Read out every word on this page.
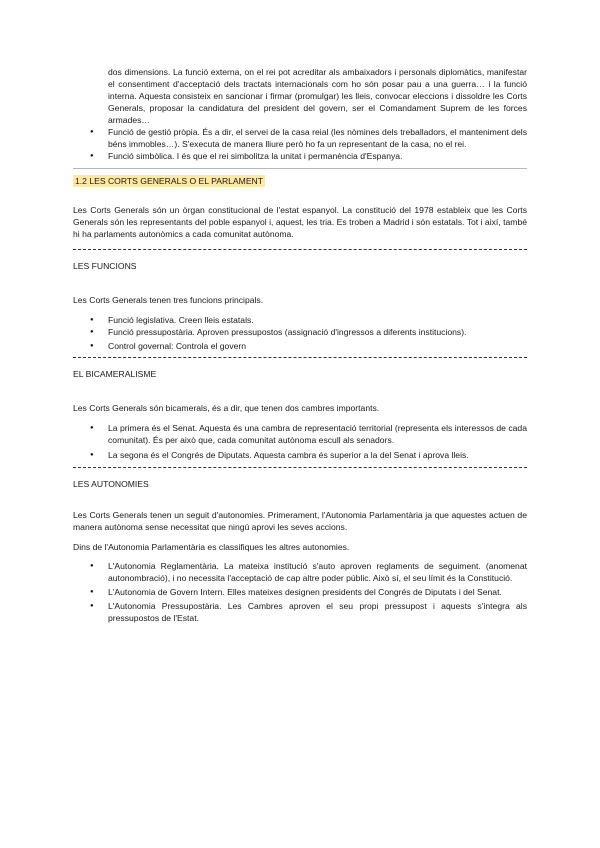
dos dimensions. La funció externa, on el rei pot acreditar als ambaixadors i personals diplomàtics, manifestar el consentiment d'acceptació dels tractats internacionals com ho són posar pau a una guerra… i la funció interna. Aquesta consisteix en sancionar i firmar (promulgar) les lleis, convocar eleccions i dissoldre les Corts Generals, proposar la candidatura del president del govern, ser el Comandament Suprem de les forces armades…

● Funció de gestió pròpia. És a dir, el servei de la casa reial (les nòmines dels treballadors, el manteniment dels béns immobles…). S'executa de manera lliure però ho fa un representant de la casa, no el rei.
● Funció simbòlica. I és que el rei simbolitza la unitat i permanència d'Espanya.
1.2 LES CORTS GENERALS O EL PARLAMENT

Les Corts Generals són un òrgan constitucional de l'estat espanyol. La constitució del 1978 estableix que les Corts Generals són les representants del poble espanyol i, aquest, les tria. Es troben a Madrid i són estatals. Tot i així, també hi ha parlaments autonòmics a cada comunitat autònoma.

LES FUNCIONS

Les Corts Generals tenen tres funcions principals.

● Funció legislativa. Creen lleis estatals.
● Funció pressupostària. Aproven pressupostos (assignació d'ingressos a diferents institucions).
● Control governal: Controla el govern

EL BICAMERALISME

Les Corts Generals són bicamerals, és a dir, que tenen dos cambres importants.

● La primera és el Senat. Aquesta és una cambra de representació territorial (representa els interessos de cada comunitat). És per això que, cada comunitat autònoma escull als senadors.
● La segona és el Congrés de Diputats. Aquesta cambra és superior a la del Senat i aprova lleis.

LES AUTONOMIES

Les Corts Generals tenen un seguit d'autonomies. Primerament, l'Autonomia Parlamentària ja que aquestes actuen de manera autònoma sense necessitat que ningú aprovi les seves accions.

Dins de l'Autonomia Parlamentària es classifiques les altres autonomies.

● L'Autonomia Reglamentària. La mateixa institució s'auto aproven reglaments de seguiment. (anomenat autonombració), i no necessita l'acceptació de cap altre poder públic. Això sí, el seu límit és la Constitució.
● L'Autonomia de Govern Intern. Elles mateixes designen presidents del Congrés de Diputats i del Senat.
● L'Autonomia Pressupostària. Les Cambres aproven el seu propi pressupost i aquests s'integra als pressupostos de l'Estat.
